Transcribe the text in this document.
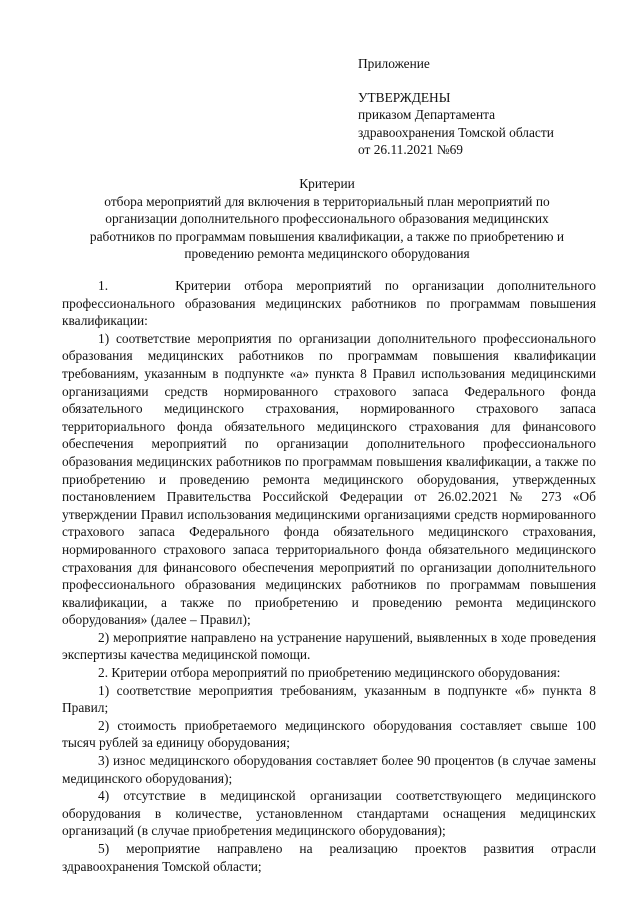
Приложение
УТВЕРЖДЕНЫ
приказом Департамента
здравоохранения Томской области
от 26.11.2021 №69
Критерии
отбора мероприятий для включения в территориальный план мероприятий по
организации дополнительного профессионального образования медицинских
работников по программам повышения квалификации, а также по приобретению и
проведению ремонта медицинского оборудования

1.     Критерии отбора мероприятий по организации дополнительного профессионального образования медицинских работников по программам повышения квалификации:

1) соответствие мероприятия по организации дополнительного профессионального образования медицинских работников по программам повышения квалификации требованиям, указанным в подпункте «а» пункта 8 Правил использования медицинскими организациями средств нормированного страхового запаса Федерального фонда обязательного медицинского страхования, нормированного страхового запаса территориального фонда обязательного медицинского страхования для финансового обеспечения мероприятий по организации дополнительного профессионального образования медицинских работников по программам повышения квалификации, а также по приобретению и проведению ремонта медицинского оборудования, утвержденных постановлением Правительства Российской Федерации от 26.02.2021 № 273 «Об утверждении Правил использования медицинскими организациями средств нормированного страхового запаса Федерального фонда обязательного медицинского страхования, нормированного страхового запаса территориального фонда обязательного медицинского страхования для финансового обеспечения мероприятий по организации дополнительного профессионального образования медицинских работников по программам повышения квалификации, а также по приобретению и проведению ремонта медицинского оборудования» (далее – Правил);

2) мероприятие направлено на устранение нарушений, выявленных в ходе проведения экспертизы качества медицинской помощи.

2. Критерии отбора мероприятий по приобретению медицинского оборудования:

1) соответствие мероприятия требованиям, указанным в подпункте «б» пункта 8 Правил;

2) стоимость приобретаемого медицинского оборудования составляет свыше 100 тысяч рублей за единицу оборудования;

3) износ медицинского оборудования составляет более 90 процентов (в случае замены медицинского оборудования);

4) отсутствие в медицинской организации соответствующего медицинского оборудования в количестве, установленном стандартами оснащения медицинских организаций (в случае приобретения медицинского оборудования);

5) мероприятие направлено на реализацию проектов развития отрасли здравоохранения Томской области;
